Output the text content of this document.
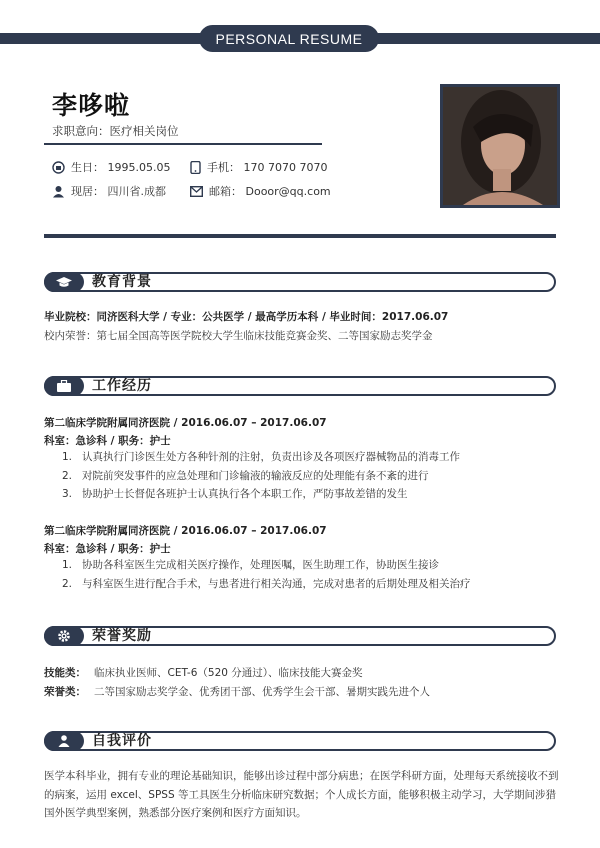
PERSONAL RESUME
李哆啦
求职意向：医疗相关岗位
生日： 1995.05.05	手机： 170 7070 7070
现居： 四川省.成都	邮箱： Dooor@qq.com
教育背景
毕业院校：同济医科大学 / 专业：公共医学 / 最高学历本科 / 毕业时间：2017.06.07
校内荣誉：第七届全国高等医学院校大学生临床技能竞赛金奖、二等国家励志奖学金
工作经历
第二临床学院附属同济医院 / 2016.06.07 – 2017.06.07
科室：急诊科 / 职务：护士
1. 认真执行门诊医生处方各种针剂的注射，负责出诊及各项医疗器械物品的消毒工作
2. 对院前突发事件的应急处理和门诊输液的输液反应的处理能有条不紊的进行
3. 协助护士长督促各班护士认真执行各个本职工作，严防事故差错的发生
第二临床学院附属同济医院 / 2016.06.07 – 2017.06.07
科室：急诊科 / 职务：护士
1. 协助各科室医生完成相关医疗操作，处理医嘱，医生助理工作，协助医生接诊
2. 与科室医生进行配合手术，与患者进行相关沟通，完成对患者的后期处理及相关治疗
荣誉奖励
技能类： 临床执业医师、CET-6（520 分通过）、临床技能大赛金奖
荣誉类： 二等国家励志奖学金、优秀团干部、优秀学生会干部、暑期实践先进个人
自我评价
医学本科毕业，拥有专业的理论基础知识，能够出诊过程中部分病患；在医学科研方面，处理每天系统接收不到的病案，运用 excel、SPSS 等工具医生分析临床研究数据；个人成长方面，能够积极主动学习，大学期间涉猎国外医学典型案例，熟悉部分医疗案例和医疗方面知识。
